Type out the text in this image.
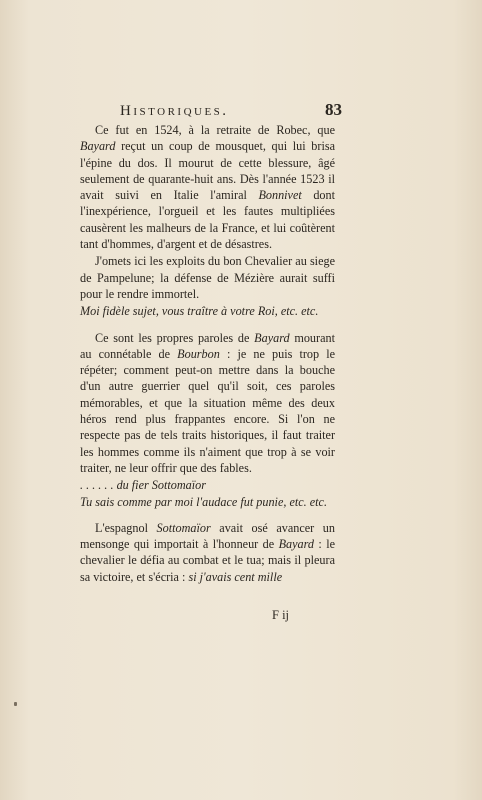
Historiques.	83

Ce fut en 1524, à la retraite de Robec, que Bayard reçut un coup de mousquet, qui lui brisa l'épine du dos. Il mourut de cette blessure, âgé seulement de quarante-huit ans. Dès l'année 1523 il avait suivi en Italie l'amiral Bonnivet dont l'inexpérience, l'orgueil et les fautes multipliées causèrent les malheurs de la France, et lui coûtèrent tant d'hommes, d'argent et de désastres.

J'omets ici les exploits du bon Chevalier au siege de Pampelune; la défense de Mézière aurait suffi pour le rendre immortel.

Moi fidèle sujet, vous traître à votre Roi, etc. etc.

Ce sont les propres paroles de Bayard mourant au connétable de Bourbon : je ne puis trop le répéter; comment peut-on mettre dans la bouche d'un autre guerrier quel qu'il soit, ces paroles mémorables, et que la situation même des deux héros rend plus frappantes encore. Si l'on ne respecte pas de tels traits historiques, il faut traiter les hommes comme ils n'aiment que trop à se voir traiter, ne leur offrir que des fables.

. . . . . . du fier Sottomaïor
Tu sais comme par moi l'audace fut punie, etc. etc.

L'espagnol Sottomaïor avait osé avancer un mensonge qui importait à l'honneur de Bayard : le chevalier le défia au combat et le tua; mais il pleura sa victoire, et s'écria : si j'avais cent mille

F ij
